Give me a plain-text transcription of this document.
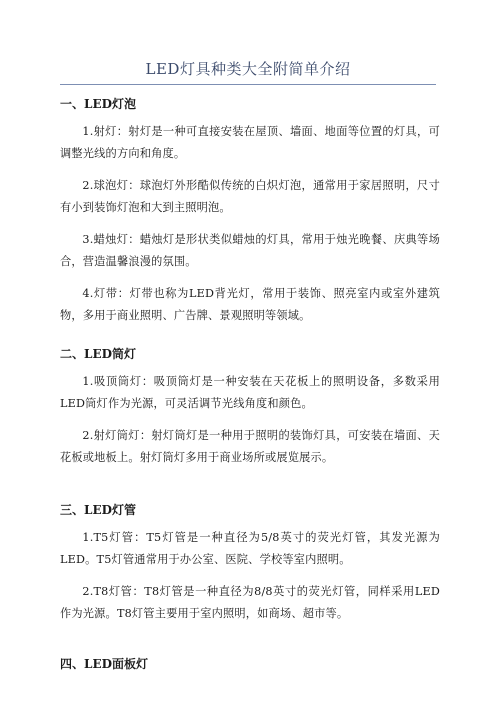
LED灯具种类大全附简单介绍

一、LED灯泡

1.射灯：射灯是一种可直接安装在屋顶、墙面、地面等位置的灯具，可调整光线的方向和角度。

2.球泡灯：球泡灯外形酷似传统的白炽灯泡，通常用于家居照明，尺寸有小到装饰灯泡和大到主照明泡。

3.蜡烛灯：蜡烛灯是形状类似蜡烛的灯具，常用于烛光晚餐、庆典等场合，营造温馨浪漫的氛围。

4.灯带：灯带也称为LED背光灯，常用于装饰、照亮室内或室外建筑物，多用于商业照明、广告牌、景观照明等领域。

二、LED筒灯

1.吸顶筒灯：吸顶筒灯是一种安装在天花板上的照明设备，多数采用LED筒灯作为光源，可灵活调节光线角度和颜色。

2.射灯筒灯：射灯筒灯是一种用于照明的装饰灯具，可安装在墙面、天花板或地板上。射灯筒灯多用于商业场所或展览展示。

三、LED灯管

1.T5灯管：T5灯管是一种直径为5/8英寸的荧光灯管，其发光源为LED。T5灯管通常用于办公室、医院、学校等室内照明。

2.T8灯管：T8灯管是一种直径为8/8英寸的荧光灯管，同样采用LED作为光源。T8灯管主要用于室内照明，如商场、超市等。

四、LED面板灯
